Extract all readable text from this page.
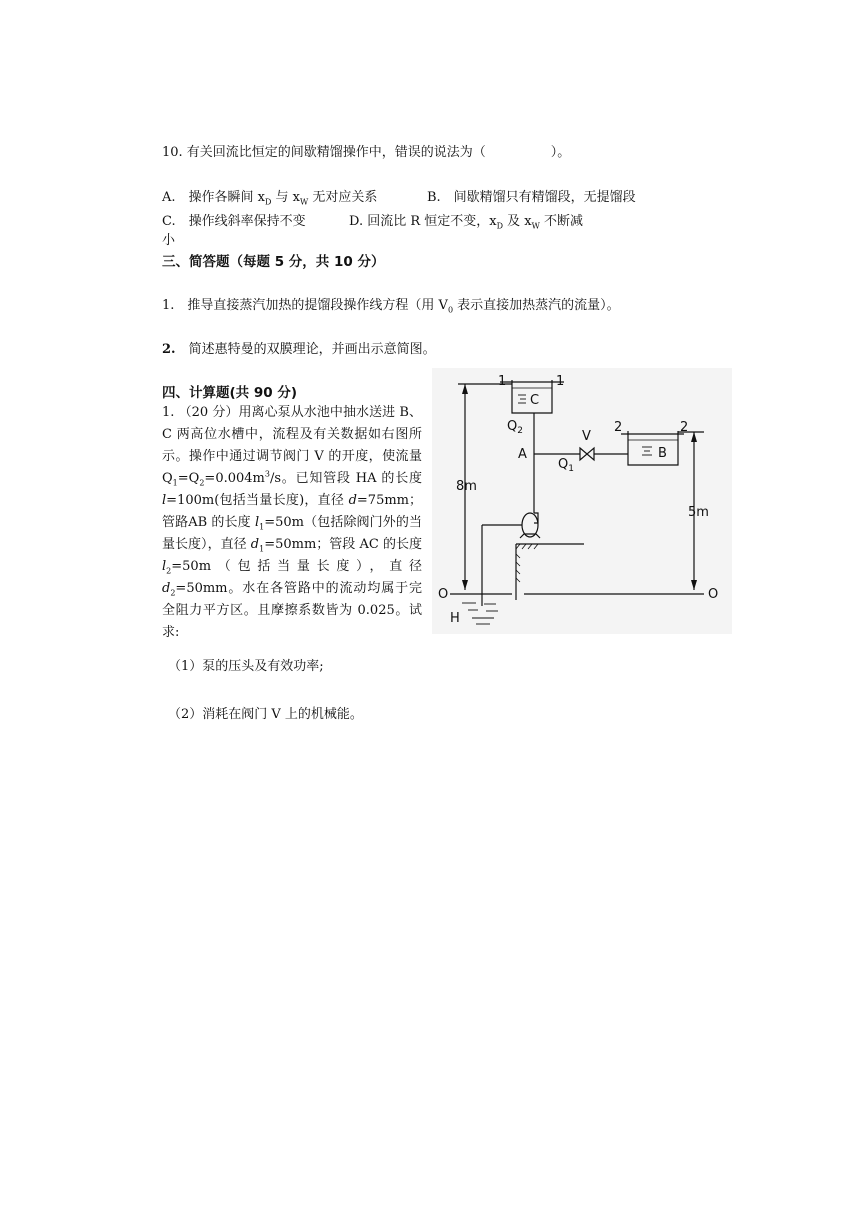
10. 有关回流比恒定的间歇精馏操作中，错误的说法为（　　　　　）。
A.　操作各瞬间 $x_D$ 与 $x_W$ 无对应关系	B.　间歇精馏只有精馏段，无提馏段
C.　操作线斜率保持不变	D. 回流比 R 恒定不变，$x_D$ 及 $x_W$ 不断减
小
三、简答题（每题 5 分，共 10 分）
1.　推导直接蒸汽加热的提馏段操作线方程（用 $V_0$ 表示直接加热蒸汽的流量）。
2.　简述惠特曼的双膜理论，并画出示意简图。
四、计算题(共 90 分)
1. （20 分）用离心泵从水池中抽水送进 B、C 两高位水槽中，流程及有关数据如右图所示。操作中通过调节阀门 V 的开度，使流量 $Q_1=Q_2=0.004m^3/s$。已知管段 HA 的长度 l=100m(包括当量长度)，直径 d=75mm；管路AB 的长度 $l_1=50m$（包括除阀门外的当量长度），直径 $d_1=50mm$；管段 AC 的长度 $l_2=50m$（包括当量长度），直径 $d_2=50mm$。水在各管路中的流动均属于完全阻力平方区。且摩擦系数皆为 0.025。试求:
（1）泵的压头及有效功率;
（2）消耗在阀门 V 上的机械能。
1	1
C
$Q_2$	V
A
$Q_1$
2	2
B
8m
5m
O	O
H
